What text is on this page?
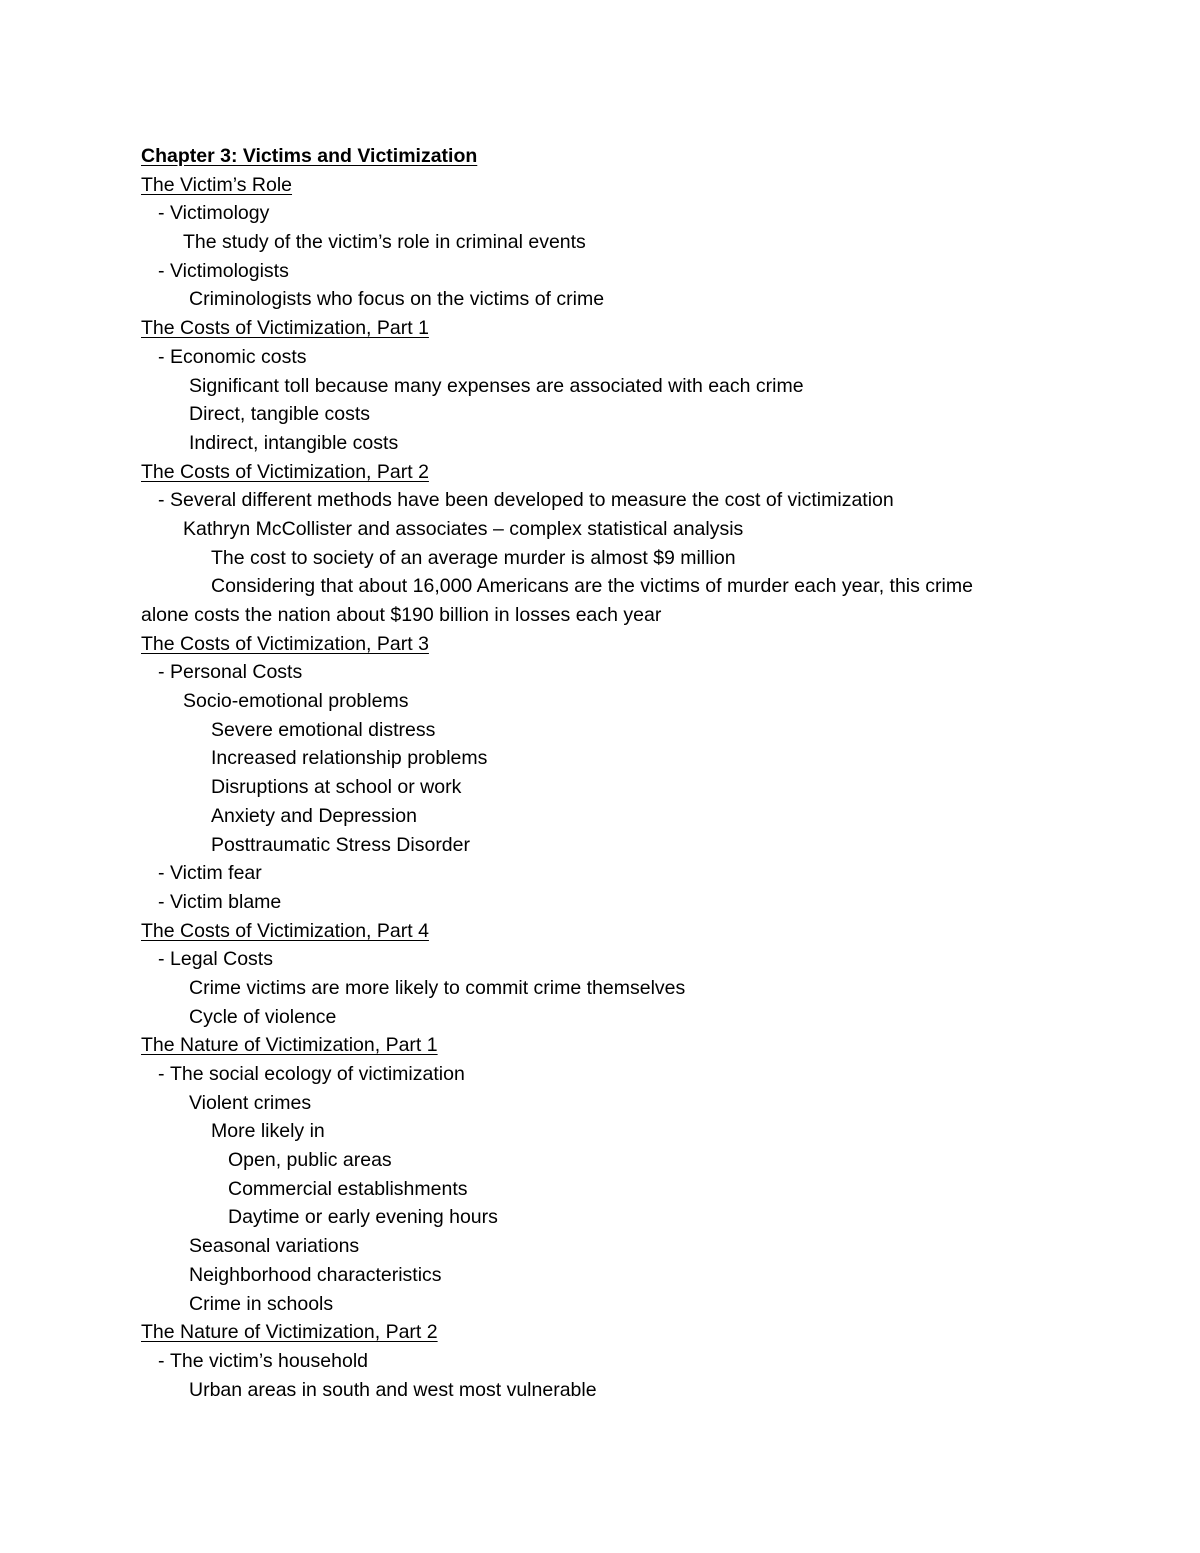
Chapter 3: Victims and Victimization
The Victim’s Role
- Victimology
The study of the victim’s role in criminal events
- Victimologists
Criminologists who focus on the victims of crime
The Costs of Victimization, Part 1
- Economic costs
Significant toll because many expenses are associated with each crime
Direct, tangible costs
Indirect, intangible costs
The Costs of Victimization, Part 2
- Several different methods have been developed to measure the cost of victimization
Kathryn McCollister and associates – complex statistical analysis
The cost to society of an average murder is almost $9 million
Considering that about 16,000 Americans are the victims of murder each year, this crime
alone costs the nation about $190 billion in losses each year
The Costs of Victimization, Part 3
- Personal Costs
Socio-emotional problems
Severe emotional distress
Increased relationship problems
Disruptions at school or work
Anxiety and Depression
Posttraumatic Stress Disorder
- Victim fear
- Victim blame
The Costs of Victimization, Part 4
- Legal Costs
Crime victims are more likely to commit crime themselves
Cycle of violence
The Nature of Victimization, Part 1
- The social ecology of victimization
Violent crimes
More likely in
Open, public areas
Commercial establishments
Daytime or early evening hours
Seasonal variations
Neighborhood characteristics
Crime in schools
The Nature of Victimization, Part 2
- The victim’s household
Urban areas in south and west most vulnerable
